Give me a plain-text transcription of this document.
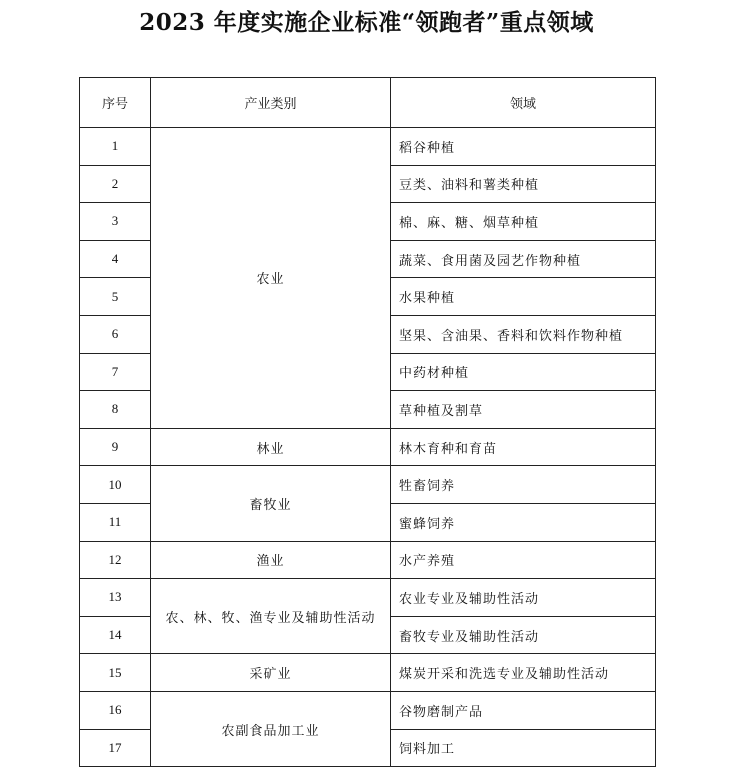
2023 年度实施企业标准“领跑者”重点领域
序号	产业类别	领域
1	农业	稻谷种植
2		豆类、油料和薯类种植
3		棉、麻、糖、烟草种植
4		蔬菜、食用菌及园艺作物种植
5		水果种植
6		坚果、含油果、香料和饮料作物种植
7		中药材种植
8		草种植及割草
9	林业	林木育种和育苗
10	畜牧业	牲畜饲养
11		蜜蜂饲养
12	渔业	水产养殖
13	农、林、牧、渔专业及辅助性活动	农业专业及辅助性活动
14		畜牧专业及辅助性活动
15	采矿业	煤炭开采和洗选专业及辅助性活动
16	农副食品加工业	谷物磨制产品
17		饲料加工
